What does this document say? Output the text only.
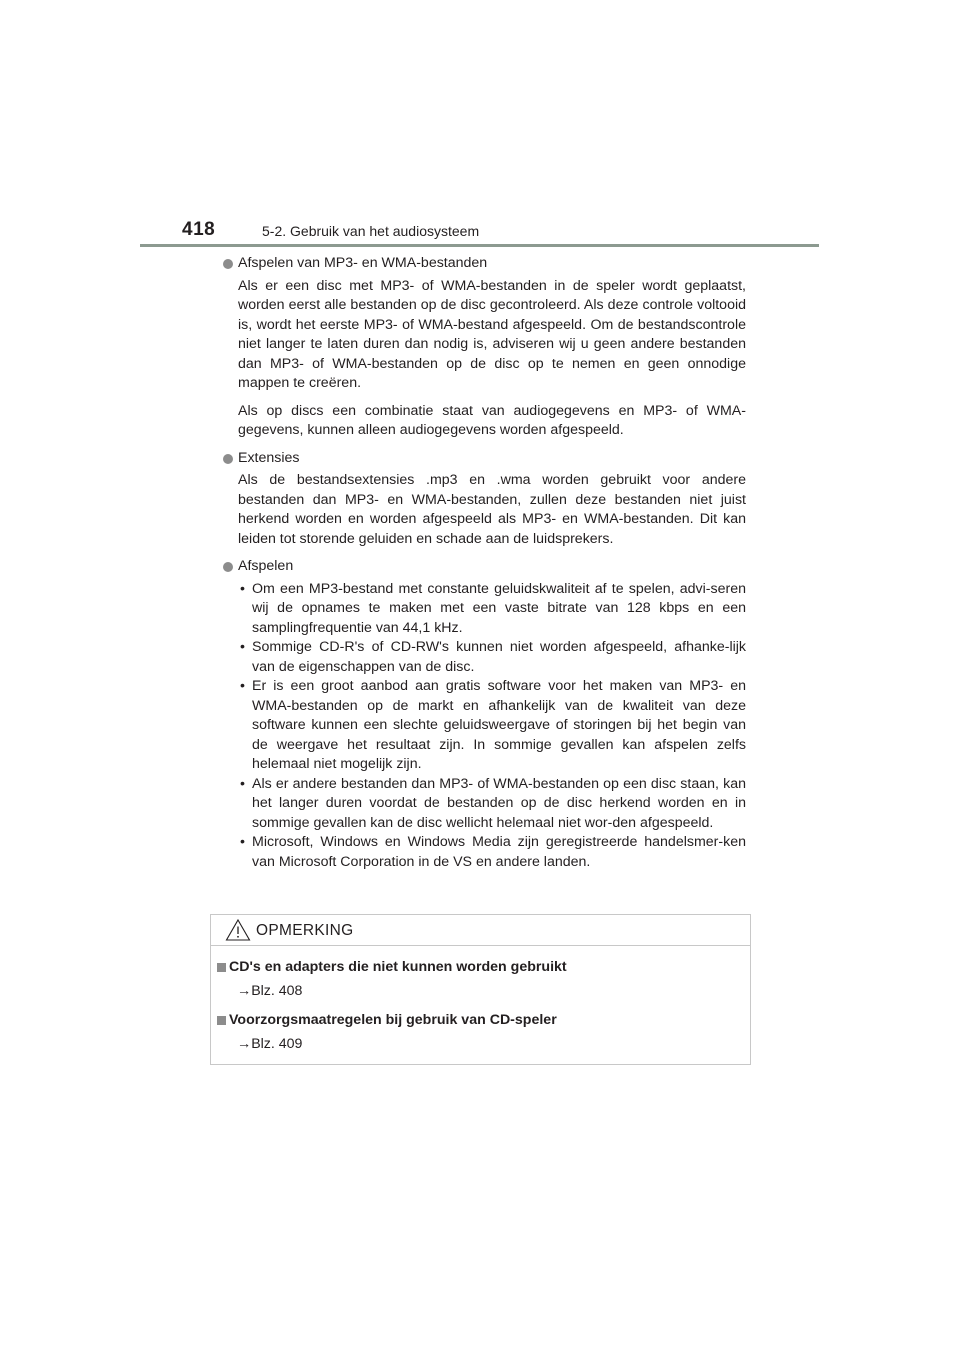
418	5-2. Gebruik van het audiosysteem
Afspelen van MP3- en WMA-bestanden
Als er een disc met MP3- of WMA-bestanden in de speler wordt geplaatst, worden eerst alle bestanden op de disc gecontroleerd. Als deze controle voltooid is, wordt het eerste MP3- of WMA-bestand afgespeeld. Om de bestandscontrole niet langer te laten duren dan nodig is, adviseren wij u geen andere bestanden dan MP3- of WMA-bestanden op de disc op te nemen en geen onnodige mappen te creëren.
Als op discs een combinatie staat van audiogegevens en MP3- of WMA-gegevens, kunnen alleen audiogegevens worden afgespeeld.
Extensies
Als de bestandsextensies .mp3 en .wma worden gebruikt voor andere bestanden dan MP3- en WMA-bestanden, zullen deze bestanden niet juist herkend worden en worden afgespeeld als MP3- en WMA-bestanden. Dit kan leiden tot storende geluiden en schade aan de luidsprekers.
Afspelen
• Om een MP3-bestand met constante geluidskwaliteit af te spelen, advi-seren wij de opnames te maken met een vaste bitrate van 128 kbps en een samplingfrequentie van 44,1 kHz.
• Sommige CD-R's of CD-RW's kunnen niet worden afgespeeld, afhanke-lijk van de eigenschappen van de disc.
• Er is een groot aanbod aan gratis software voor het maken van MP3- en WMA-bestanden op de markt en afhankelijk van de kwaliteit van deze software kunnen een slechte geluidsweergave of storingen bij het begin van de weergave het resultaat zijn. In sommige gevallen kan afspelen zelfs helemaal niet mogelijk zijn.
• Als er andere bestanden dan MP3- of WMA-bestanden op een disc staan, kan het langer duren voordat de bestanden op de disc herkend worden en in sommige gevallen kan de disc wellicht helemaal niet wor-den afgespeeld.
• Microsoft, Windows en Windows Media zijn geregistreerde handelsmer-ken van Microsoft Corporation in de VS en andere landen.
OPMERKING
CD's en adapters die niet kunnen worden gebruikt
→Blz. 408
Voorzorgsmaatregelen bij gebruik van CD-speler
→Blz. 409
